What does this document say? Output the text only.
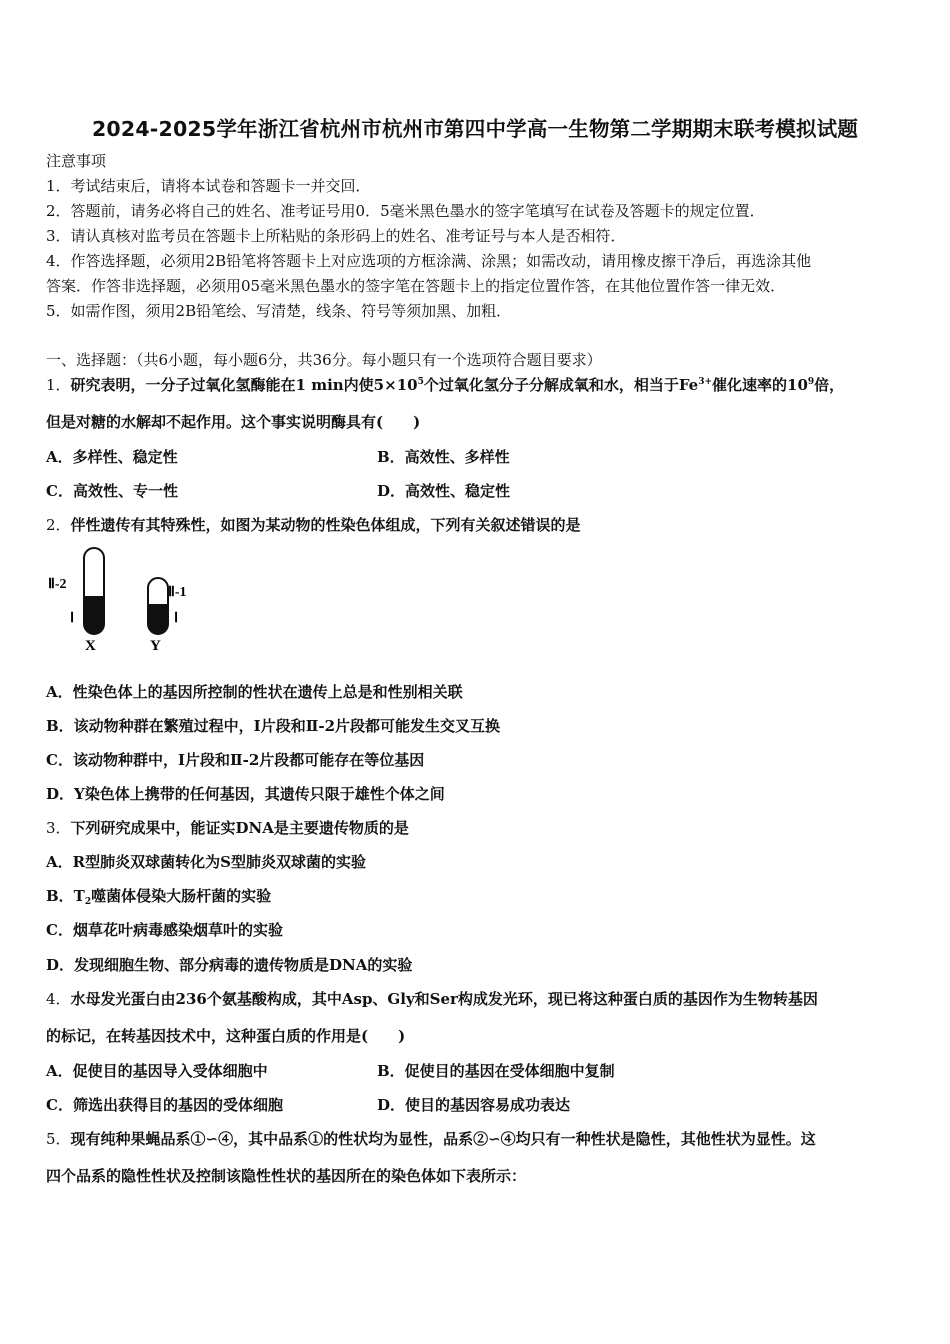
2024-2025学年浙江省杭州市杭州市第四中学高一生物第二学期期末联考模拟试题
注意事项
1．考试结束后，请将本试卷和答题卡一并交回．
2．答题前，请务必将自己的姓名、准考证号用0．5毫米黑色墨水的签字笔填写在试卷及答题卡的规定位置．
3．请认真核对监考员在答题卡上所粘贴的条形码上的姓名、准考证号与本人是否相符．
4．作答选择题，必须用2B铅笔将答题卡上对应选项的方框涂满、涂黑；如需改动，请用橡皮擦干净后，再选涂其他
答案．作答非选择题，必须用05毫米黑色墨水的签字笔在答题卡上的指定位置作答，在其他位置作答一律无效．
5．如需作图，须用2B铅笔绘、写清楚，线条、符号等须加黑、加粗．
一、选择题：（共6小题，每小题6分，共36分。每小题只有一个选项符合题目要求）
1．研究表明，一分子过氧化氢酶能在1 min内使$5\times 10^5$个过氧化氢分子分解成氧和水，相当于$Fe^{3+}$催化速率的$10^9$倍，
但是对糖的水解却不起作用。这个事实说明酶具有(　　)
A．多样性、稳定性	B．高效性、多样性
C．高效性、专一性	D．高效性、稳定性
2．伴性遗传有其特殊性，如图为某动物的性染色体组成，下列有关叙述错误的是
Ⅱ-2
Ⅰ
X
Ⅱ-1
Ⅰ
Y
A．性染色体上的基因所控制的性状在遗传上总是和性别相关联
B．该动物种群在繁殖过程中，Ⅰ片段和Ⅱ-2片段都可能发生交叉互换
C．该动物种群中，Ⅰ片段和Ⅱ-2片段都可能存在等位基因
D．Y染色体上携带的任何基因，其遗传只限于雄性个体之间
3．下列研究成果中，能证实DNA是主要遗传物质的是
A．R型肺炎双球菌转化为S型肺炎双球菌的实验
B．$T_2$噬菌体侵染大肠杆菌的实验
C．烟草花叶病毒感染烟草叶的实验
D．发现细胞生物、部分病毒的遗传物质是DNA的实验
4．水母发光蛋白由236个氨基酸构成，其中Asp、Gly和Ser构成发光环，现已将这种蛋白质的基因作为生物转基因
的标记，在转基因技术中，这种蛋白质的作用是(　　)
A．促使目的基因导入受体细胞中	B．促使目的基因在受体细胞中复制
C．筛选出获得目的基因的受体细胞	D．使目的基因容易成功表达
5．现有纯种果蝇品系①∽④，其中品系①的性状均为显性，品系②∽④均只有一种性状是隐性，其他性状为显性。这
四个品系的隐性性状及控制该隐性性状的基因所在的染色体如下表所示：
